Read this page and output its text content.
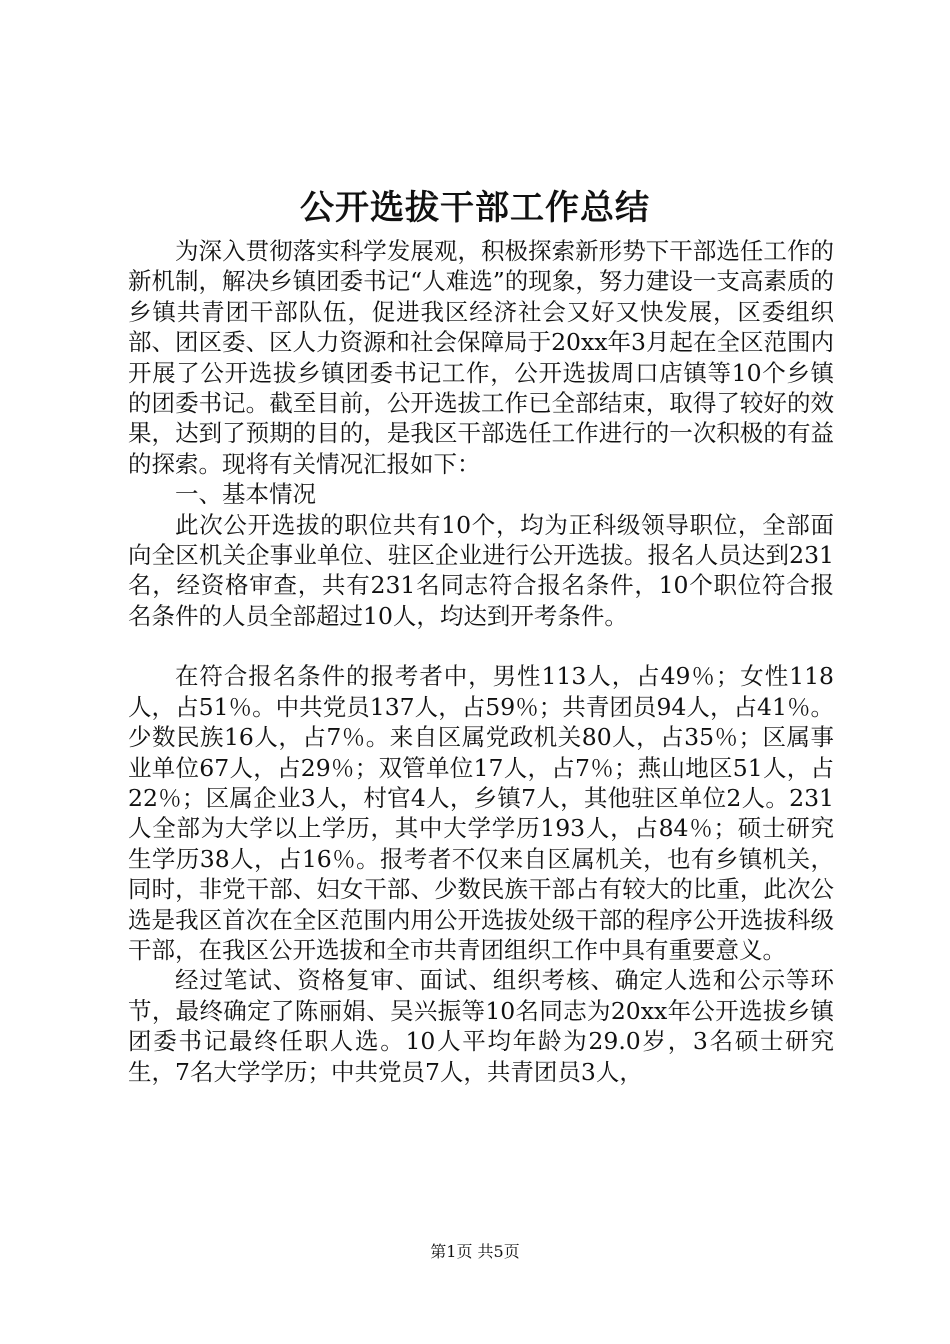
公开选拔干部工作总结

为深入贯彻落实科学发展观，积极探索新形势下干部选任工作的新机制，解决乡镇团委书记“人难选”的现象，努力建设一支高素质的乡镇共青团干部队伍，促进我区经济社会又好又快发展，区委组织部、团区委、区人力资源和社会保障局于20xx年3月起在全区范围内开展了公开选拔乡镇团委书记工作，公开选拔周口店镇等10个乡镇的团委书记。截至目前，公开选拔工作已全部结束，取得了较好的效果，达到了预期的目的，是我区干部选任工作进行的一次积极的有益的探索。现将有关情况汇报如下：

一、基本情况

此次公开选拔的职位共有10个，均为正科级领导职位，全部面向全区机关企事业单位、驻区企业进行公开选拔。报名人员达到231名，经资格审查，共有231名同志符合报名条件，10个职位符合报名条件的人员全部超过10人，均达到开考条件。

在符合报名条件的报考者中，男性113人，占49％；女性118人，占51％。中共党员137人，占59％；共青团员94人，占41％。少数民族16人，占7％。来自区属党政机关80人，占35％；区属事业单位67人，占29％；双管单位17人，占7％；燕山地区51人，占22％；区属企业3人，村官4人，乡镇7人，其他驻区单位2人。231人全部为大学以上学历，其中大学学历193人，占84％；硕士研究生学历38人，占16％。报考者不仅来自区属机关，也有乡镇机关，同时，非党干部、妇女干部、少数民族干部占有较大的比重，此次公选是我区首次在全区范围内用公开选拔处级干部的程序公开选拔科级干部，在我区公开选拔和全市共青团组织工作中具有重要意义。

经过笔试、资格复审、面试、组织考核、确定人选和公示等环节，最终确定了陈丽娟、吴兴振等10名同志为20xx年公开选拔乡镇团委书记最终任职人选。10人平均年龄为29.0岁，3名硕士研究生，7名大学学历；中共党员7人，共青团员3人，

第1页 共5页
